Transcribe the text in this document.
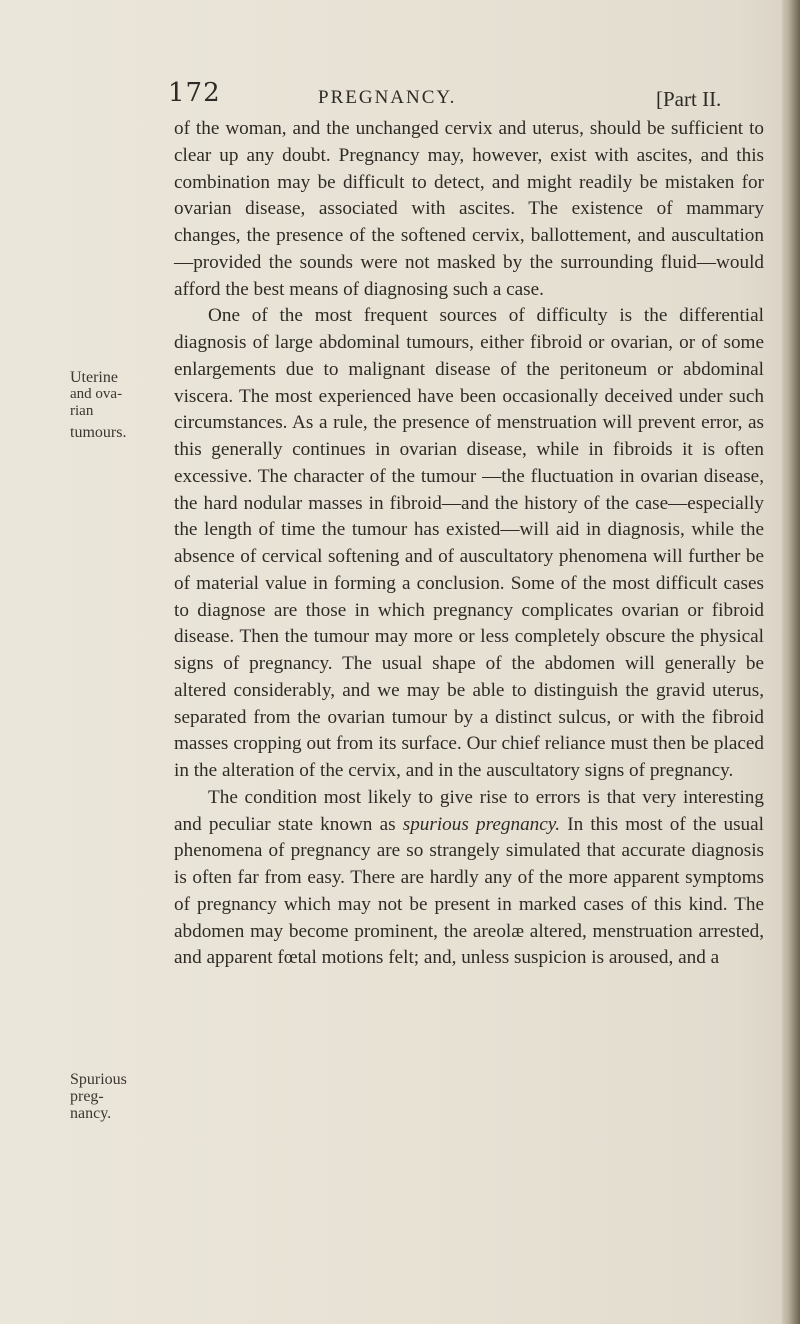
172	PREGNANCY.	[Part II.
Uterine
and ova-
rian
tumours.
Spurious
preg-
nancy.

of the woman, and the unchanged cervix and uterus, should be sufficient to clear up any doubt. Pregnancy may, however, exist with ascites, and this combination may be difficult to detect, and might readily be mistaken for ovarian disease, associated with ascites. The existence of mammary changes, the presence of the softened cervix, ballottement, and auscultation—provided the sounds were not masked by the surrounding fluid—would afford the best means of diagnosing such a case.

One of the most frequent sources of difficulty is the differential diagnosis of large abdominal tumours, either fibroid or ovarian, or of some enlargements due to malignant disease of the peritoneum or abdominal viscera. The most experienced have been occasionally deceived under such circumstances. As a rule, the presence of menstruation will prevent error, as this generally continues in ovarian disease, while in fibroids it is often excessive. The character of the tumour —the fluctuation in ovarian disease, the hard nodular masses in fibroid—and the history of the case—especially the length of time the tumour has existed—will aid in diagnosis, while the absence of cervical softening and of auscultatory phenomena will further be of material value in forming a conclusion. Some of the most difficult cases to diagnose are those in which pregnancy complicates ovarian or fibroid disease. Then the tumour may more or less completely obscure the physical signs of pregnancy. The usual shape of the abdomen will generally be altered considerably, and we may be able to distinguish the gravid uterus, separated from the ovarian tumour by a distinct sulcus, or with the fibroid masses cropping out from its surface. Our chief reliance must then be placed in the alteration of the cervix, and in the auscultatory signs of pregnancy.

The condition most likely to give rise to errors is that very interesting and peculiar state known as spurious pregnancy. In this most of the usual phenomena of pregnancy are so strangely simulated that accurate diagnosis is often far from easy. There are hardly any of the more apparent symptoms of pregnancy which may not be present in marked cases of this kind. The abdomen may become prominent, the areolæ altered, menstruation arrested, and apparent fœtal motions felt; and, unless suspicion is aroused, and a
